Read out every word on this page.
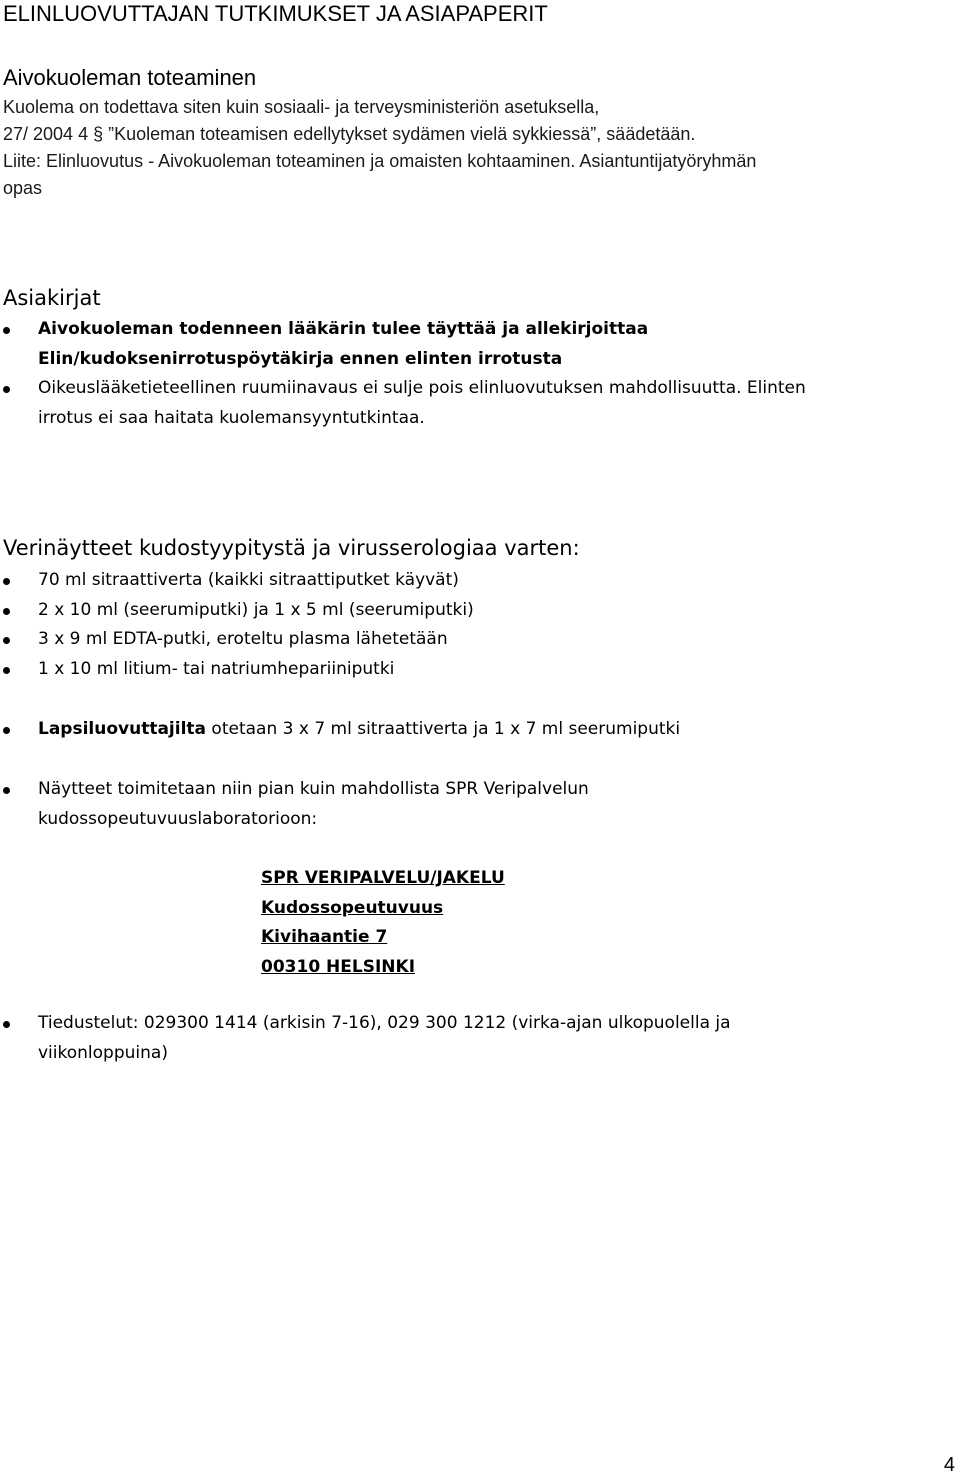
ELINLUOVUTTAJAN TUTKIMUKSET JA ASIAPAPERIT
Aivokuoleman toteaminen
Kuolema on todettava siten kuin sosiaali- ja terveysministeriön asetuksella,
27/ 2004 4 § ”Kuoleman toteamisen edellytykset sydämen vielä sykkiessä”, säädetään.
Liite: Elinluovutus - Aivokuoleman toteaminen ja omaisten kohtaaminen. Asiantuntijatyöryhmän
opas
Asiakirjat
Aivokuoleman todenneen lääkärin tulee täyttää ja allekirjoittaa
Elin/kudoksenirrotuspöytäkirja ennen elinten irrotusta
Oikeuslääketieteellinen ruumiinavaus ei sulje pois elinluovutuksen mahdollisuutta. Elinten
irrotus ei saa haitata kuolemansyyntutkintaa.
Verinäytteet kudostyypitystä ja virusserologiaa varten:
70 ml sitraattiverta (kaikki sitraattiputket käyvät)
2 x 10 ml (seerumiputki) ja 1 x 5 ml (seerumiputki)
3 x 9 ml EDTA-putki, eroteltu plasma lähetetään
1 x 10 ml litium- tai natriumhepariiniputki
Lapsiluovuttajilta otetaan 3 x 7 ml sitraattiverta ja 1 x 7 ml seerumiputki
Näytteet toimitetaan niin pian kuin mahdollista SPR Veripalvelun
kudossopeutuvuuslaboratorioon:
SPR VERIPALVELU/JAKELU
Kudossopeutuvuus
Kivihaantie 7
00310 HELSINKI
Tiedustelut: 029300 1414 (arkisin 7-16), 029 300 1212 (virka-ajan ulkopuolella ja
viikonloppuina)
4
